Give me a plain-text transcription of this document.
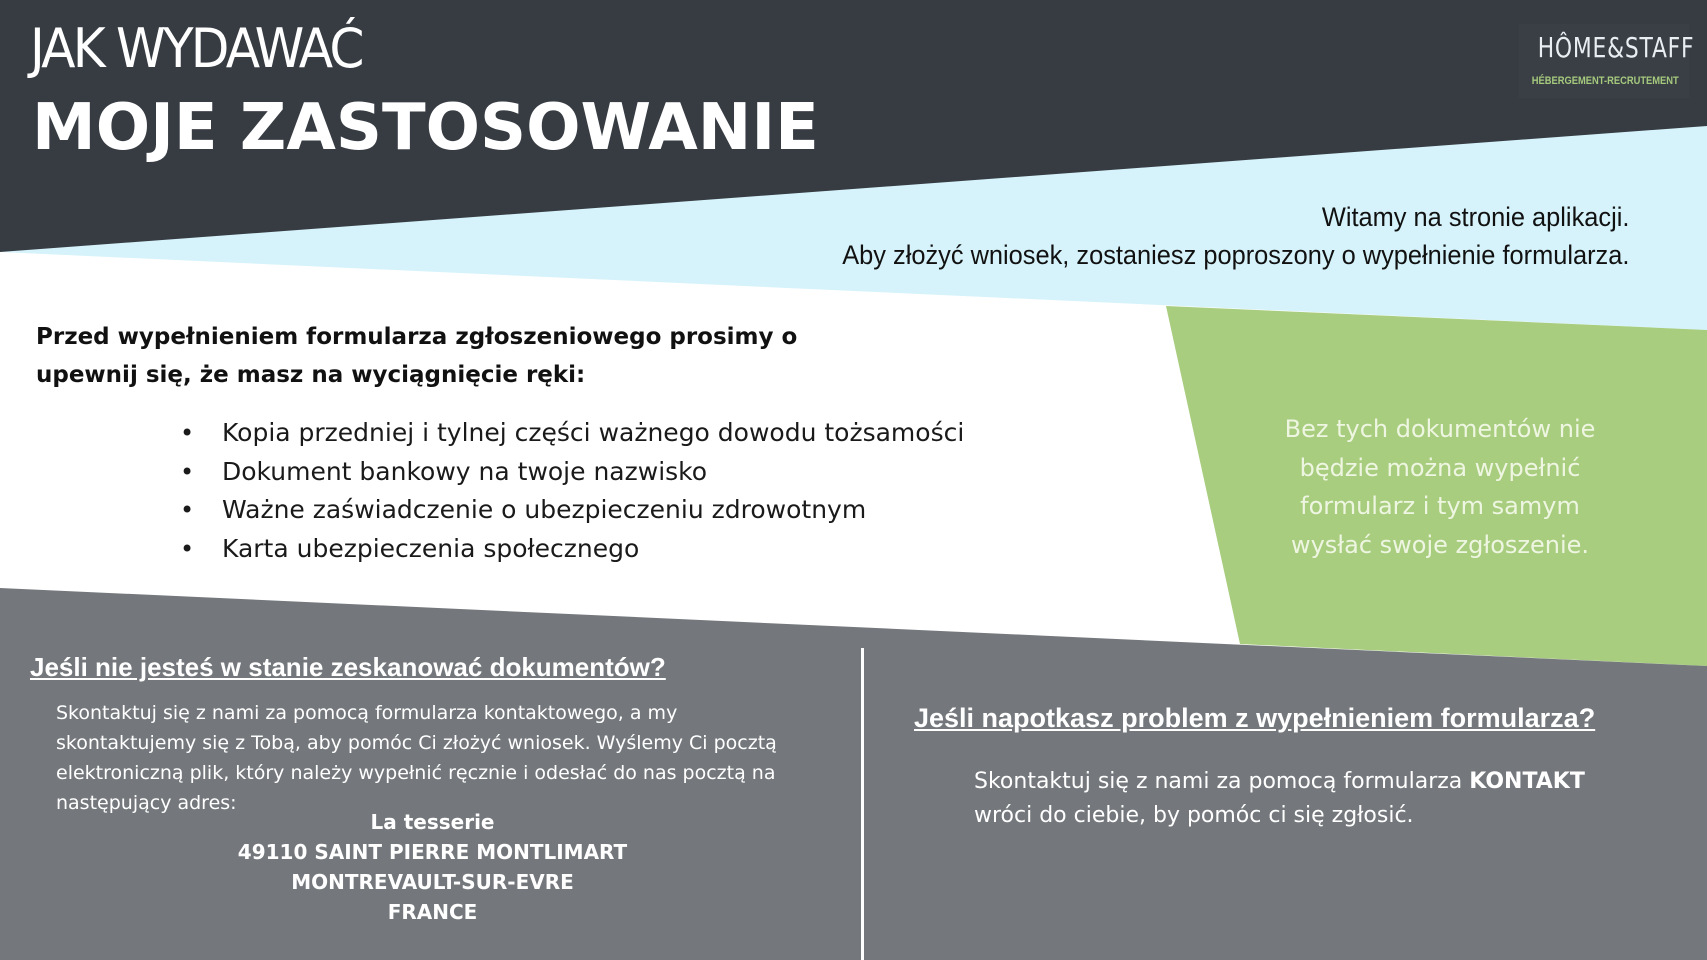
JAK WYDAWAĆ
MOJE ZASTOSOWANIE
HÔME&STAFF
HÉBERGEMENT-RECRUTEMENT
Witamy na stronie aplikacji.
Aby złożyć wniosek, zostaniesz poproszony o wypełnienie formularza.
Przed wypełnieniem formularza zgłoszeniowego prosimy o
upewnij się, że masz na wyciągnięcie ręki:
• Kopia przedniej i tylnej części ważnego dowodu tożsamości
• Dokument bankowy na twoje nazwisko
• Ważne zaświadczenie o ubezpieczeniu zdrowotnym
• Karta ubezpieczenia społecznego
Bez tych dokumentów nie
będzie można wypełnić
formularz i tym samym
wysłać swoje zgłoszenie.
Jeśli nie jesteś w stanie zeskanować dokumentów?
Skontaktuj się z nami za pomocą formularza kontaktowego, a my
skontaktujemy się z Tobą, aby pomóc Ci złożyć wniosek. Wyślemy Ci pocztą
elektroniczną plik, który należy wypełnić ręcznie i odesłać do nas pocztą na
następujący adres:
La tesserie
49110 SAINT PIERRE MONTLIMART
MONTREVAULT-SUR-EVRE
FRANCE
Jeśli napotkasz problem z wypełnieniem formularza?
Skontaktuj się z nami za pomocą formularza KONTAKT
wróci do ciebie, by pomóc ci się zgłosić.
